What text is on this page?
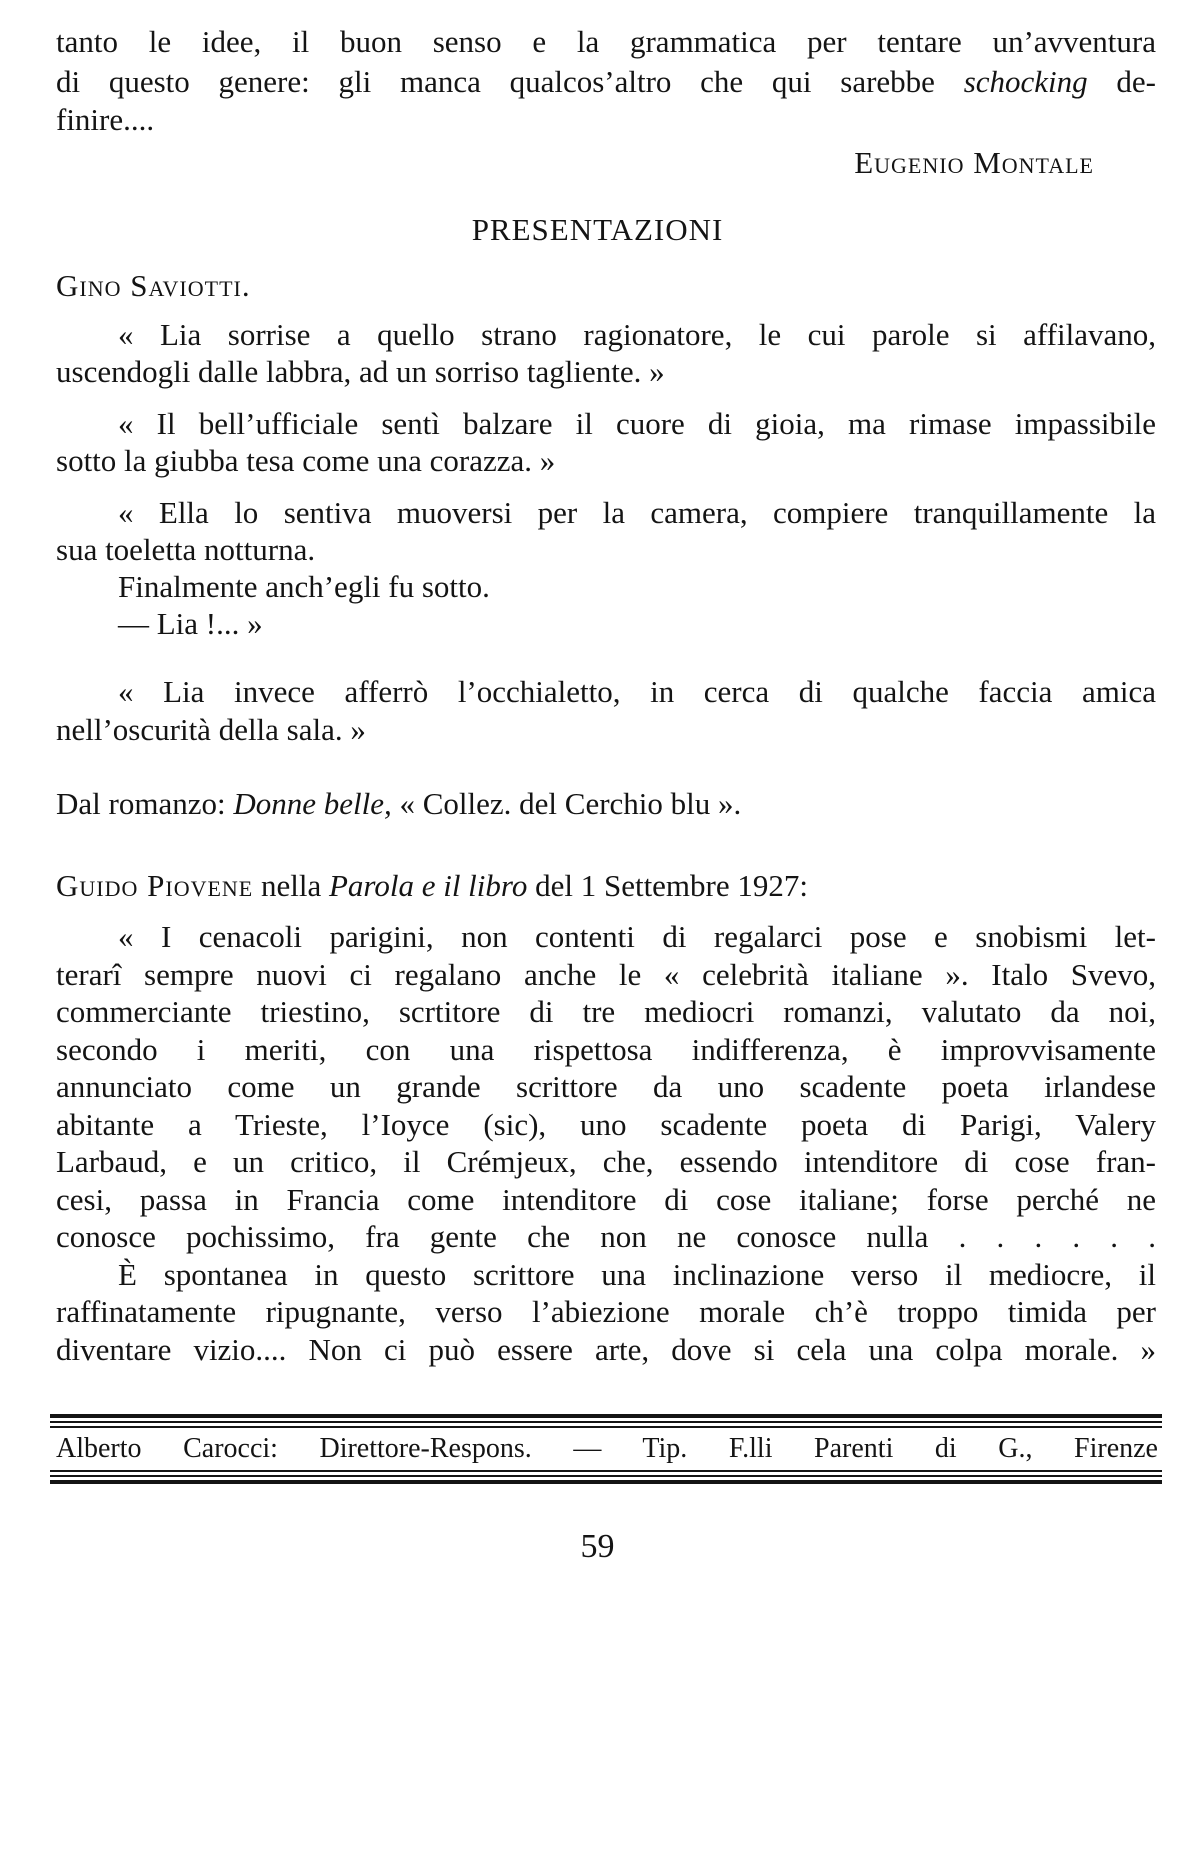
tanto le idee, il buon senso e la grammatica per tentare un’avventura
di questo genere: gli manca qualcos’altro che qui sarebbe schocking de-
finire....
Eugenio Montale
PRESENTAZIONI
Gino Saviotti.
« Lia sorrise a quello strano ragionatore, le cui parole si affilavano,
uscendogli dalle labbra, ad un sorriso tagliente. »
« Il bell’ufficiale sentì balzare il cuore di gioia, ma rimase impassibile
sotto la giubba tesa come una corazza. »
« Ella lo sentiva muoversi per la camera, compiere tranquillamente la
sua toeletta notturna.
Finalmente anch’egli fu sotto.
— Lia !... »
« Lia invece afferrò l’occhialetto, in cerca di qualche faccia amica
nell’oscurità della sala. »
Dal romanzo: Donne belle, « Collez. del Cerchio blu ».
Guido Piovene nella Parola e il libro del 1 Settembre 1927:
« I cenacoli parigini, non contenti di regalarci pose e snobismi let-
terarî sempre nuovi ci regalano anche le « celebrità italiane ». Italo Svevo,
commerciante triestino, scrtitore di tre mediocri romanzi, valutato da noi,
secondo i meriti, con una rispettosa indifferenza, è improvvisamente
annunciato come un grande scrittore da uno scadente poeta irlandese
abitante a Trieste, l’Ioyce (sic), uno scadente poeta di Parigi, Valery
Larbaud, e un critico, il Crémjeux, che, essendo intenditore di cose fran-
cesi, passa in Francia come intenditore di cose italiane; forse perché ne
conosce pochissimo, fra gente che non ne conosce nulla . . . . . .
È spontanea in questo scrittore una inclinazione verso il mediocre, il
raffinatamente ripugnante, verso l’abiezione morale ch’è troppo timida per
diventare vizio.... Non ci può essere arte, dove si cela una colpa morale. »
Alberto Carocci: Direttore-Respons. — Tip. F.lli Parenti di G., Firenze
59
